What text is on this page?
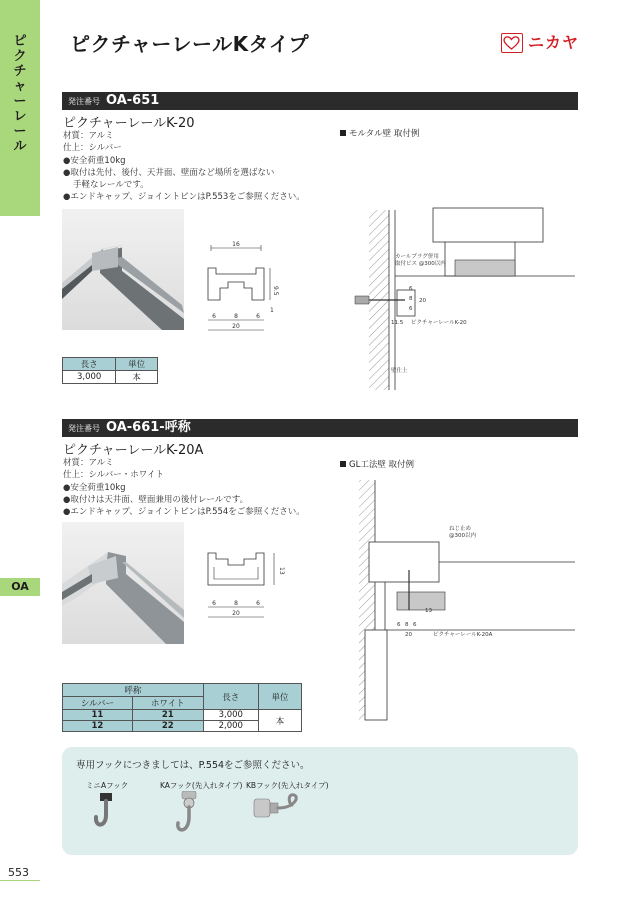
ピクチャーレール
OA
553
ピクチャーレールKタイプ	ニカヤ
発注番号 OA-651
ピクチャーレールK-20
材質：アルミ
仕上：シルバー
●安全荷重10kg
●取付は先付、後付、天井面、壁面など場所を選ばない
手軽なレールです。
●エンドキャップ、ジョイントピンはP.553をご参照ください。
16
9.5
1
6	8	6
20
長さ	単位
3,000	本
モルタル壁 取付例
カールプラグ併用
取付ビス @300以内
6
8
6
20
11.5 ピクチャーレールK-20
壁仕上
発注番号 OA-661-呼称
ピクチャーレールK-20A
材質：アルミ
仕上：シルバー・ホワイト
●安全荷重10kg
●取付けは天井面、壁面兼用の後付レールです。
●エンドキャップ、ジョイントピンはP.554をご参照ください。
13
6	8	6
20
呼称		長さ	単位
シルバー	ホワイト		
11	21	3,000	本
12	22	2,000	
GL工法壁 取付例
ねじ止め
@300以内
13
6 8 6
20	ピクチャーレールK-20A
専用フックにつきましては、P.554をご参照ください。
ミニAフック	KAフック(先入れタイプ) KBフック(先入れタイプ)
